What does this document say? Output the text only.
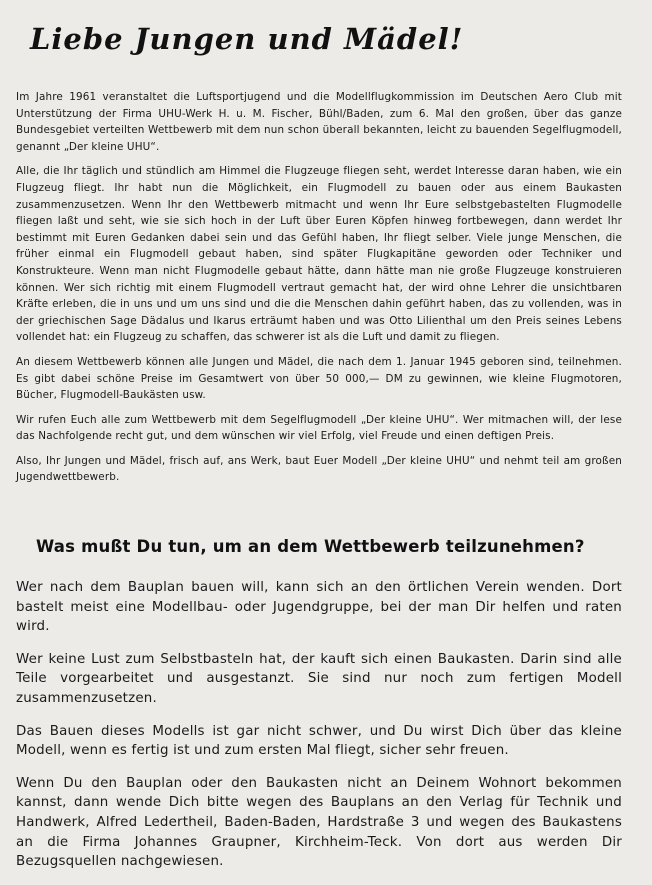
Liebe Jungen und Mädel!

Im Jahre 1961 veranstaltet die Luftsportjugend und die Modellflugkommission im Deutschen Aero Club mit Unterstützung der Firma UHU-Werk H. u. M. Fischer, Bühl/Baden, zum 6. Mal den großen, über das ganze Bundesgebiet verteilten Wettbewerb mit dem nun schon überall bekannten, leicht zu bauenden Segelflugmodell, genannt „Der kleine UHU“.

Alle, die Ihr täglich und stündlich am Himmel die Flugzeuge fliegen seht, werdet Interesse daran haben, wie ein Flugzeug fliegt. Ihr habt nun die Möglichkeit, ein Flugmodell zu bauen oder aus einem Baukasten zusammenzusetzen. Wenn Ihr den Wettbewerb mitmacht und wenn Ihr Eure selbstgebastelten Flugmodelle fliegen laßt und seht, wie sie sich hoch in der Luft über Euren Köpfen hinweg fortbewegen, dann werdet Ihr bestimmt mit Euren Gedanken dabei sein und das Gefühl haben, Ihr fliegt selber. Viele junge Menschen, die früher einmal ein Flugmodell gebaut haben, sind später Flugkapitäne geworden oder Techniker und Konstrukteure. Wenn man nicht Flugmodelle gebaut hätte, dann hätte man nie große Flugzeuge konstruieren können. Wer sich richtig mit einem Flugmodell vertraut gemacht hat, der wird ohne Lehrer die unsichtbaren Kräfte erleben, die in uns und um uns sind und die die Menschen dahin geführt haben, das zu vollenden, was in der griechischen Sage Dädalus und Ikarus erträumt haben und was Otto Lilienthal um den Preis seines Lebens vollendet hat: ein Flugzeug zu schaffen, das schwerer ist als die Luft und damit zu fliegen.

An diesem Wettbewerb können alle Jungen und Mädel, die nach dem 1. Januar 1945 geboren sind, teilnehmen. Es gibt dabei schöne Preise im Gesamtwert von über 50 000,— DM zu gewinnen, wie kleine Flugmotoren, Bücher, Flugmodell-Baukästen usw.

Wir rufen Euch alle zum Wettbewerb mit dem Segelflugmodell „Der kleine UHU“. Wer mitmachen will, der lese das Nachfolgende recht gut, und dem wünschen wir viel Erfolg, viel Freude und einen deftigen Preis.

Also, Ihr Jungen und Mädel, frisch auf, ans Werk, baut Euer Modell „Der kleine UHU“ und nehmt teil am großen Jugendwettbewerb.

Was mußt Du tun, um an dem Wettbewerb teilzunehmen?

Wer nach dem Bauplan bauen will, kann sich an den örtlichen Verein wenden. Dort bastelt meist eine Modellbau- oder Jugendgruppe, bei der man Dir helfen und raten wird.

Wer keine Lust zum Selbstbasteln hat, der kauft sich einen Baukasten. Darin sind alle Teile vorgearbeitet und ausgestanzt. Sie sind nur noch zum fertigen Modell zusammenzusetzen.

Das Bauen dieses Modells ist gar nicht schwer, und Du wirst Dich über das kleine Modell, wenn es fertig ist und zum ersten Mal fliegt, sicher sehr freuen.

Wenn Du den Bauplan oder den Baukasten nicht an Deinem Wohnort bekommen kannst, dann wende Dich bitte wegen des Bauplans an den Verlag für Technik und Handwerk, Alfred Ledertheil, Baden-Baden, Hardstraße 3 und wegen des Baukastens an die Firma Johannes Graupner, Kirchheim-Teck. Von dort aus werden Dir Bezugsquellen nachgewiesen.
